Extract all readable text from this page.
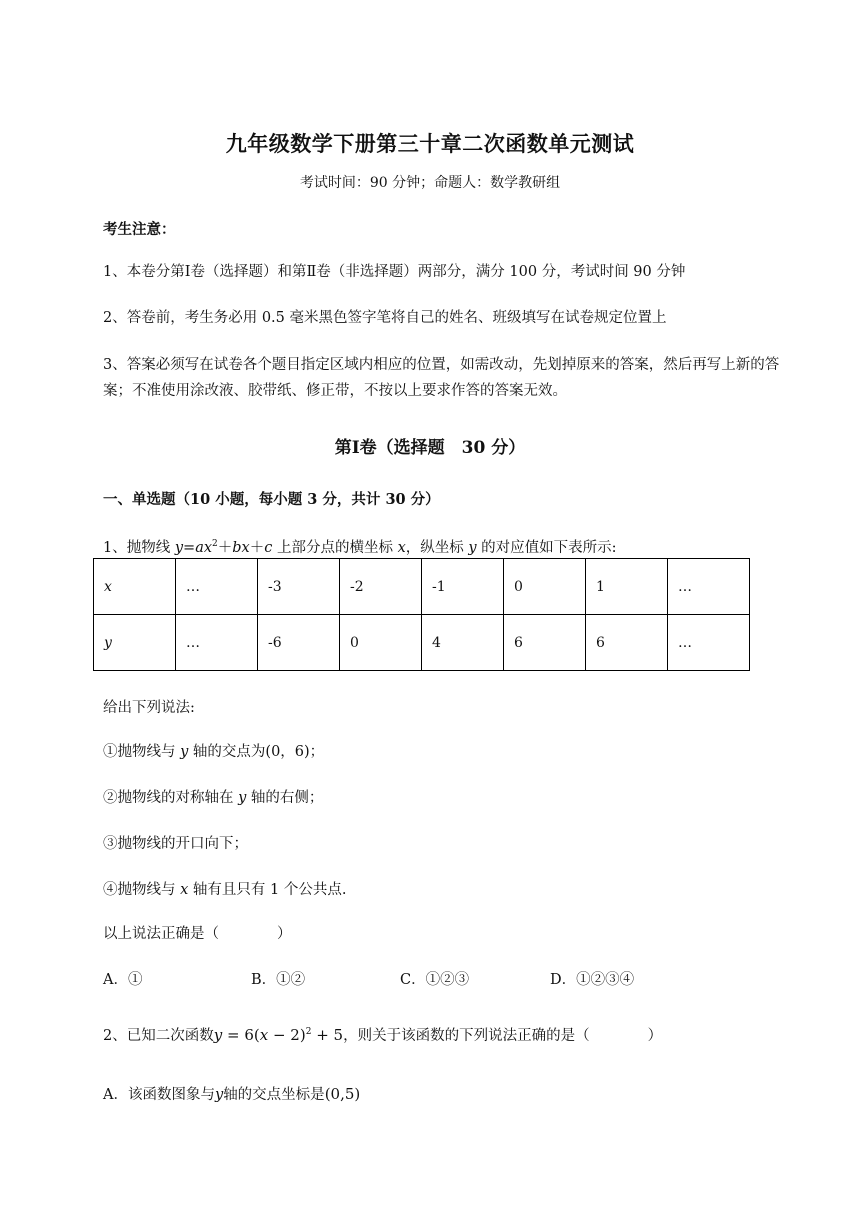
九年级数学下册第三十章二次函数单元测试
考试时间：90 分钟；命题人：数学教研组
考生注意：
1、本卷分第Ⅰ卷（选择题）和第Ⅱ卷（非选择题）两部分，满分 100 分，考试时间 90 分钟
2、答卷前，考生务必用 0.5 毫米黑色签字笔将自己的姓名、班级填写在试卷规定位置上
3、答案必须写在试卷各个题目指定区域内相应的位置，如需改动，先划掉原来的答案，然后再写上新的答案；不准使用涂改液、胶带纸、修正带，不按以上要求作答的答案无效。
第Ⅰ卷（选择题　30 分）
一、单选题（10 小题，每小题 3 分，共计 30 分）
1、抛物线 $y=ax^2+bx+c$ 上部分点的横坐标 x，纵坐标 y 的对应值如下表所示:
x	…	-3	-2	-1	0	1	…
y	…	-6	0	4	6	6	…
给出下列说法:
①抛物线与 y 轴的交点为(0，6)；
②抛物线的对称轴在 y 轴的右侧；
③抛物线的开口向下；
④抛物线与 x 轴有且只有 1 个公共点.
以上说法正确是（　　　　）
A．①	B．①②	C．①②③	D．①②③④
2、已知二次函数$y = 6(x - 2)^2 + 5$，则关于该函数的下列说法正确的是（　　　　）
A．该函数图象与y轴的交点坐标是(0,5)
